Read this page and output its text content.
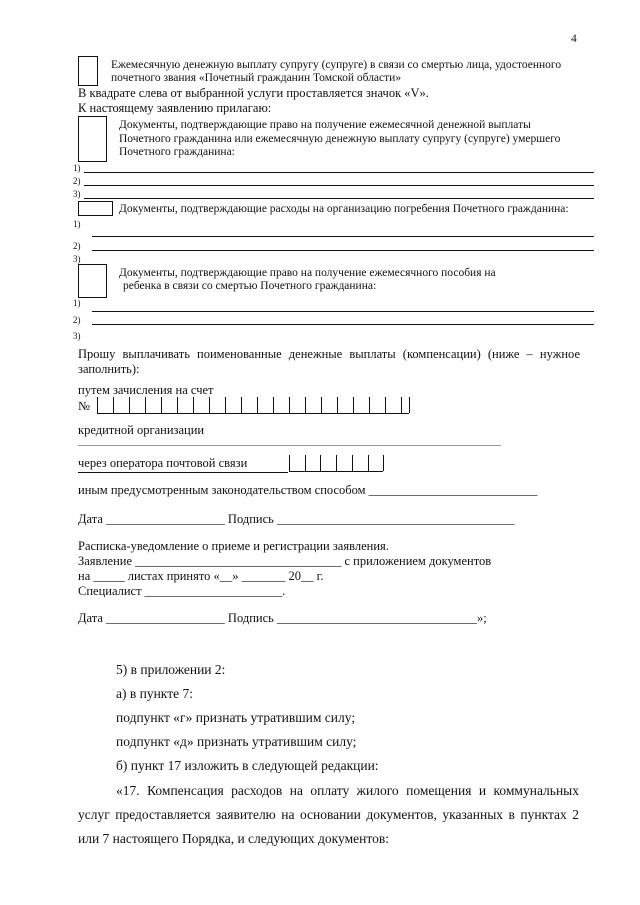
4
Ежемесячную денежную выплату супругу (супруге) в связи со смертью лица, удостоенного
почетного звания «Почетный гражданин Томской области»
В квадрате слева от выбранной услуги проставляется значок «V».
К настоящему заявлению прилагаю:
Документы, подтверждающие право на получение ежемесячной денежной выплаты
Почетного гражданина или ежемесячную денежную выплату супругу (супруге) умершего
Почетного гражданина:
1)
2)
3)
Документы, подтверждающие расходы на организацию погребения Почетного гражданина:
1)
2)
3)
Документы, подтверждающие право на получение ежемесячного пособия на
ребенка в связи со смертью Почетного гражданина:
1)
2)
3)
Прошу выплачивать поименованные денежные выплаты (компенсации) (ниже – нужное
заполнить):
путем зачисления на счет
№
кредитной организации
через оператора почтовой связи
иным предусмотренным законодательством способом ___________________________
Дата ___________________ Подпись ______________________________________
Расписка-уведомление о приеме и регистрации заявления.
Заявление _________________________________ с приложением документов
на _____ листах принято «__» _______ 20__ г.
Специалист ______________________.
Дата ___________________ Подпись ________________________________»;
5) в приложении 2:
а) в пункте 7:
подпункт «г» признать утратившим силу;
подпункт «д» признать утратившим силу;
б) пункт 17 изложить в следующей редакции:
«17. Компенсация расходов на оплату жилого помещения и коммунальных
услуг предоставляется заявителю на основании документов, указанных в пунктах 2
или 7 настоящего Порядка, и следующих документов:
